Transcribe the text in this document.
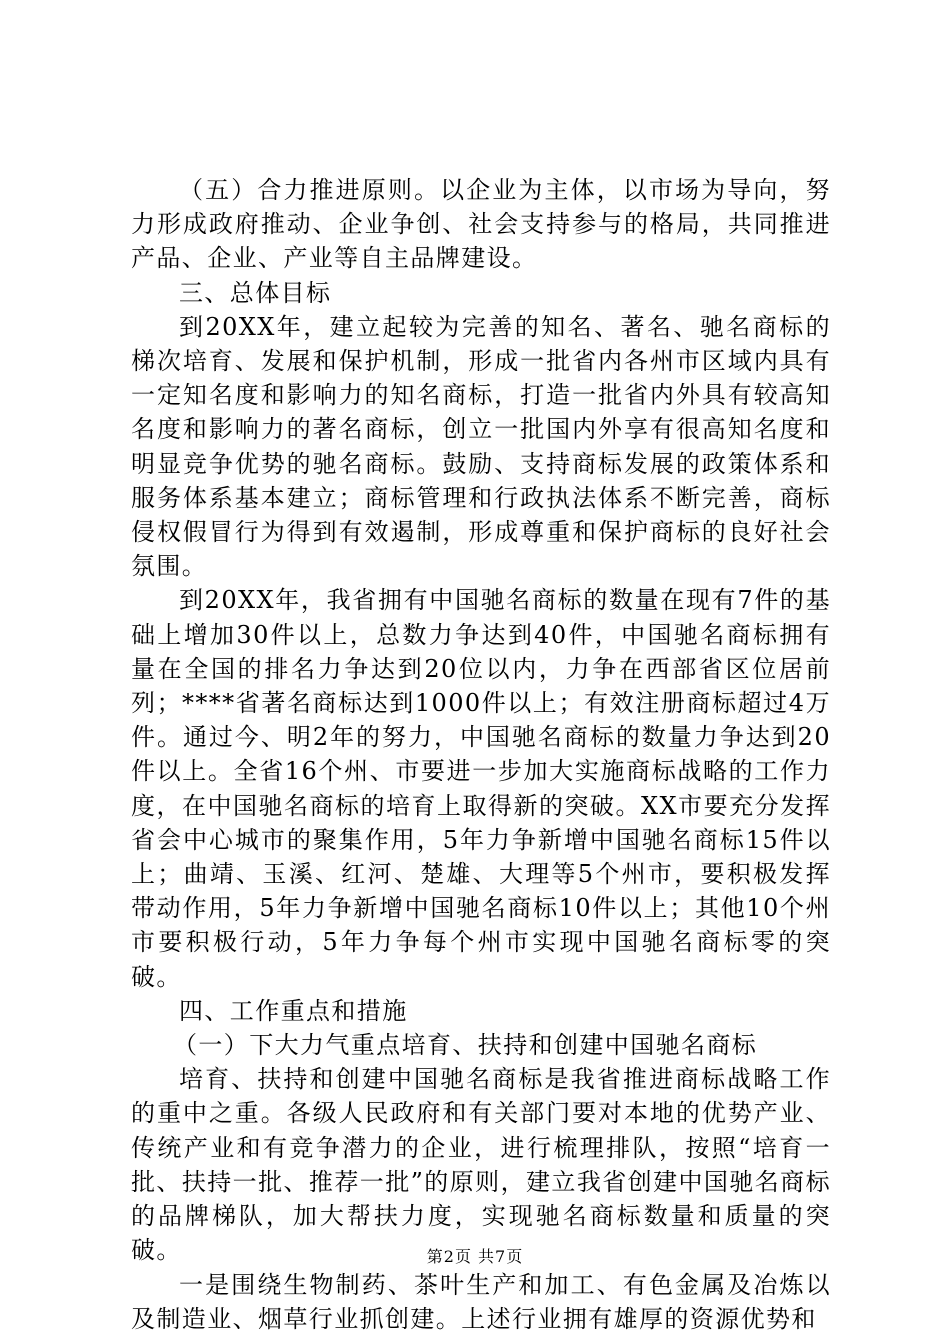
（五）合力推进原则。以企业为主体，以市场为导向，努力形成政府推动、企业争创、社会支持参与的格局，共同推进产品、企业、产业等自主品牌建设。

三、总体目标

到20XX年，建立起较为完善的知名、著名、驰名商标的梯次培育、发展和保护机制，形成一批省内各州市区域内具有一定知名度和影响力的知名商标，打造一批省内外具有较高知名度和影响力的著名商标，创立一批国内外享有很高知名度和明显竞争优势的驰名商标。鼓励、支持商标发展的政策体系和服务体系基本建立；商标管理和行政执法体系不断完善，商标侵权假冒行为得到有效遏制，形成尊重和保护商标的良好社会氛围。

到20XX年，我省拥有中国驰名商标的数量在现有7件的基础上增加30件以上，总数力争达到40件，中国驰名商标拥有量在全国的排名力争达到20位以内，力争在西部省区位居前列；****省著名商标达到1000件以上；有效注册商标超过4万件。通过今、明2年的努力，中国驰名商标的数量力争达到20件以上。全省16个州、市要进一步加大实施商标战略的工作力度，在中国驰名商标的培育上取得新的突破。XX市要充分发挥省会中心城市的聚集作用，5年力争新增中国驰名商标15件以上；曲靖、玉溪、红河、楚雄、大理等5个州市，要积极发挥带动作用，5年力争新增中国驰名商标10件以上；其他10个州市要积极行动，5年力争每个州市实现中国驰名商标零的突破。

四、工作重点和措施

（一）下大力气重点培育、扶持和创建中国驰名商标

培育、扶持和创建中国驰名商标是我省推进商标战略工作的重中之重。各级人民政府和有关部门要对本地的优势产业、传统产业和有竞争潜力的企业，进行梳理排队，按照“培育一批、扶持一批、推荐一批”的原则，建立我省创建中国驰名商标的品牌梯队，加大帮扶力度，实现驰名商标数量和质量的突破。

一是围绕生物制药、茶叶生产和加工、有色金属及冶炼以及制造业、烟草行业抓创建。上述行业拥有雄厚的资源优势和

第2页 共7页
